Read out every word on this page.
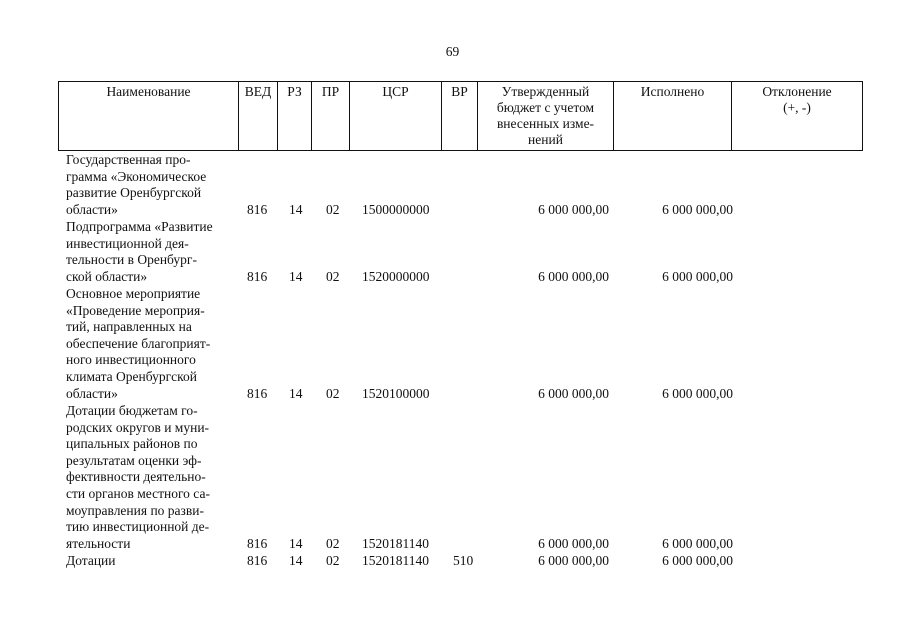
69
Наименование	ВЕД	РЗ	ПР	ЦСР	ВР	Утвержденный
бюджет с учетом
внесенных изме-
нений	Исполнено	Отклонение
(+, -)
Государственная про-
грамма «Экономическое
развитие Оренбургской
области»	816 14 02 1500000000	6 000 000,00	6 000 000,00
Подпрограмма «Развитие
инвестиционной дея-
тельности в Оренбург-
ской области»	816 14 02 1520000000	6 000 000,00	6 000 000,00
Основное мероприятие
«Проведение мероприя-
тий, направленных на
обеспечение благоприят-
ного инвестиционного
климата Оренбургской
области»	816 14 02 1520100000	6 000 000,00	6 000 000,00
Дотации бюджетам го-
родских округов и муни-
ципальных районов по
результатам оценки эф-
фективности деятельно-
сти органов местного са-
моуправления по разви-
тию инвестиционной де-
ятельности	816 14 02 1520181140	6 000 000,00	6 000 000,00
Дотации	816 14 02 1520181140 510	6 000 000,00	6 000 000,00
